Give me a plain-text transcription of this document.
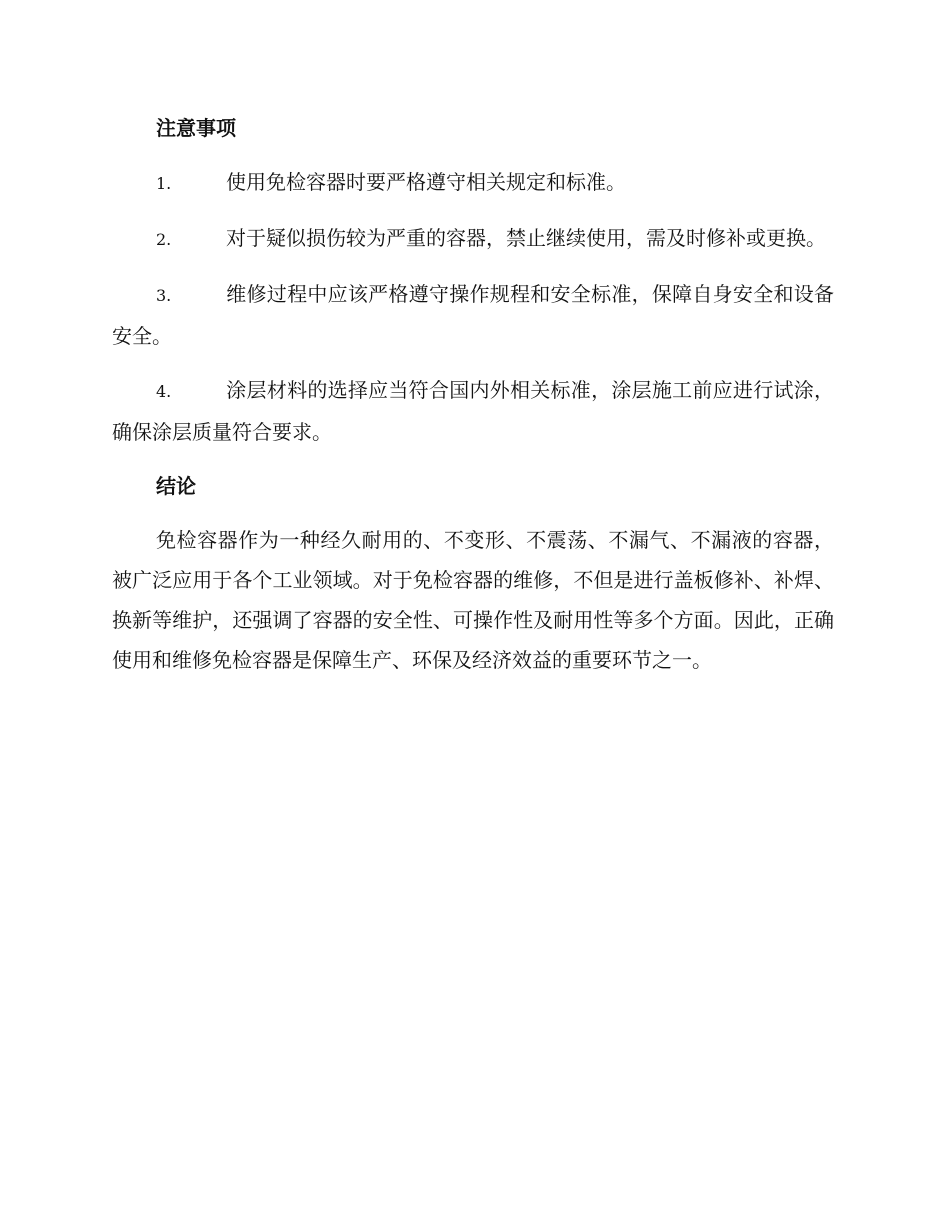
注意事项
1.	使用免检容器时要严格遵守相关规定和标准。
2.	对于疑似损伤较为严重的容器，禁止继续使用，需及时修补或更换。
3.	维修过程中应该严格遵守操作规程和安全标准，保障自身安全和设备安全。
4.	涂层材料的选择应当符合国内外相关标准，涂层施工前应进行试涂，确保涂层质量符合要求。
结论

免检容器作为一种经久耐用的、不变形、不震荡、不漏气、不漏液的容器，被广泛应用于各个工业领域。对于免检容器的维修，不但是进行盖板修补、补焊、换新等维护，还强调了容器的安全性、可操作性及耐用性等多个方面。因此，正确使用和维修免检容器是保障生产、环保及经济效益的重要环节之一。
